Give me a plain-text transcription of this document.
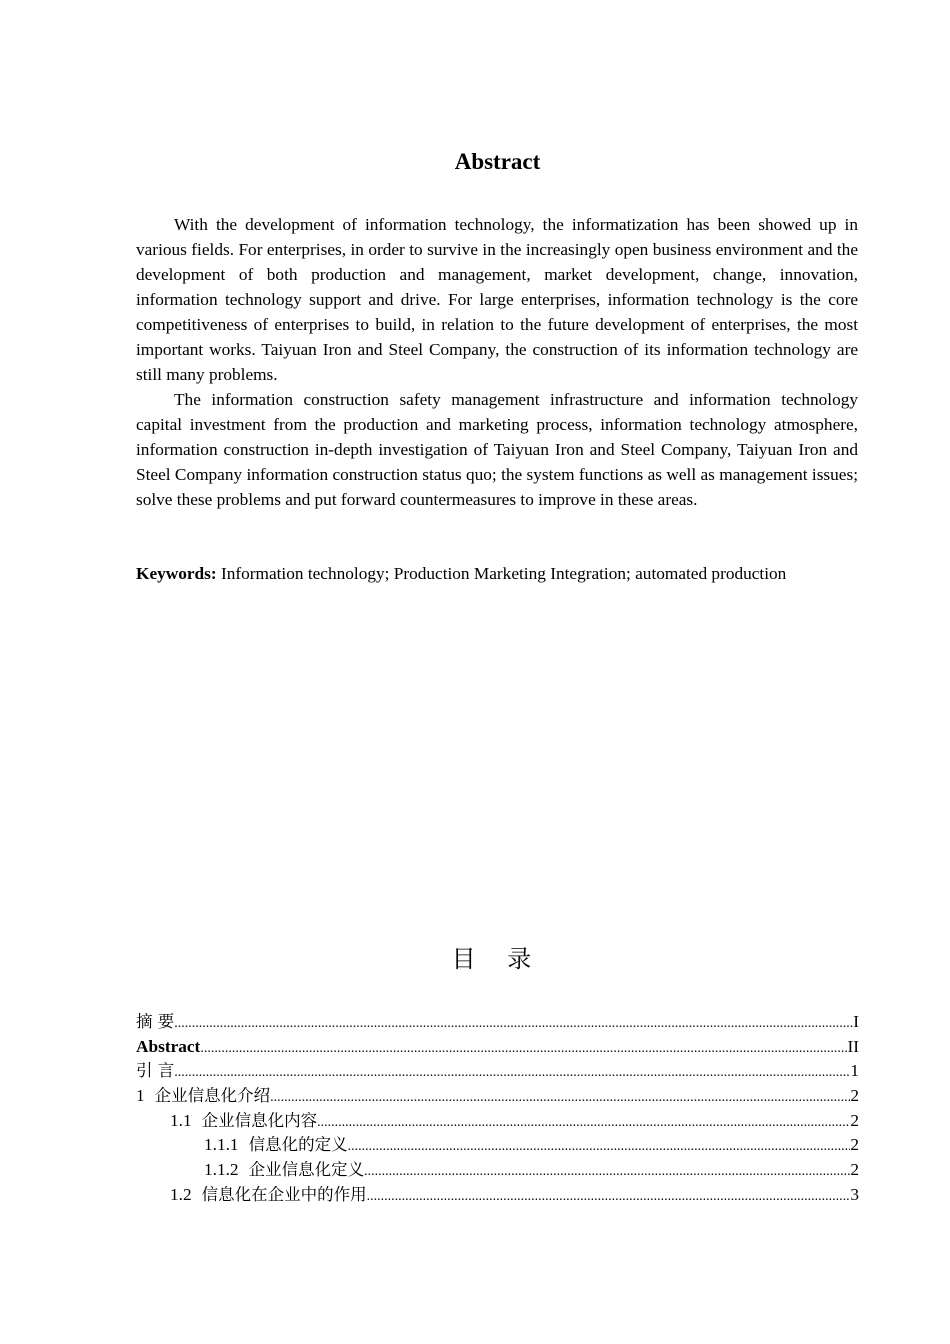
Abstract

With the development of information technology, the informatization has been showed up in various fields. For enterprises, in order to survive in the increasingly open business environment and the development of both production and management, market development, change, innovation, information technology support and drive. For large enterprises, information technology is the core competitiveness of enterprises to build, in relation to the future development of enterprises, the most important works. Taiyuan Iron and Steel Company, the construction of its information technology are still many problems.

The information construction safety management infrastructure and information technology capital investment from the production and marketing process, information technology atmosphere, information construction in-depth investigation of Taiyuan Iron and Steel Company, Taiyuan Iron and Steel Company information construction status quo; the system functions as well as management issues; solve these problems and put forward countermeasures to improve in these areas.

Keywords: Information technology; Production Marketing Integration; automated production
目 录
摘 要 .....	I
Abstract .....	II
引 言 .....	1
1 企业信息化介绍 .....	2
1.1 企业信息化内容 .....	2
1.1.1 信息化的定义 .....	2
1.1.2 企业信息化定义 .....	2
1.2 信息化在企业中的作用 .....	3
